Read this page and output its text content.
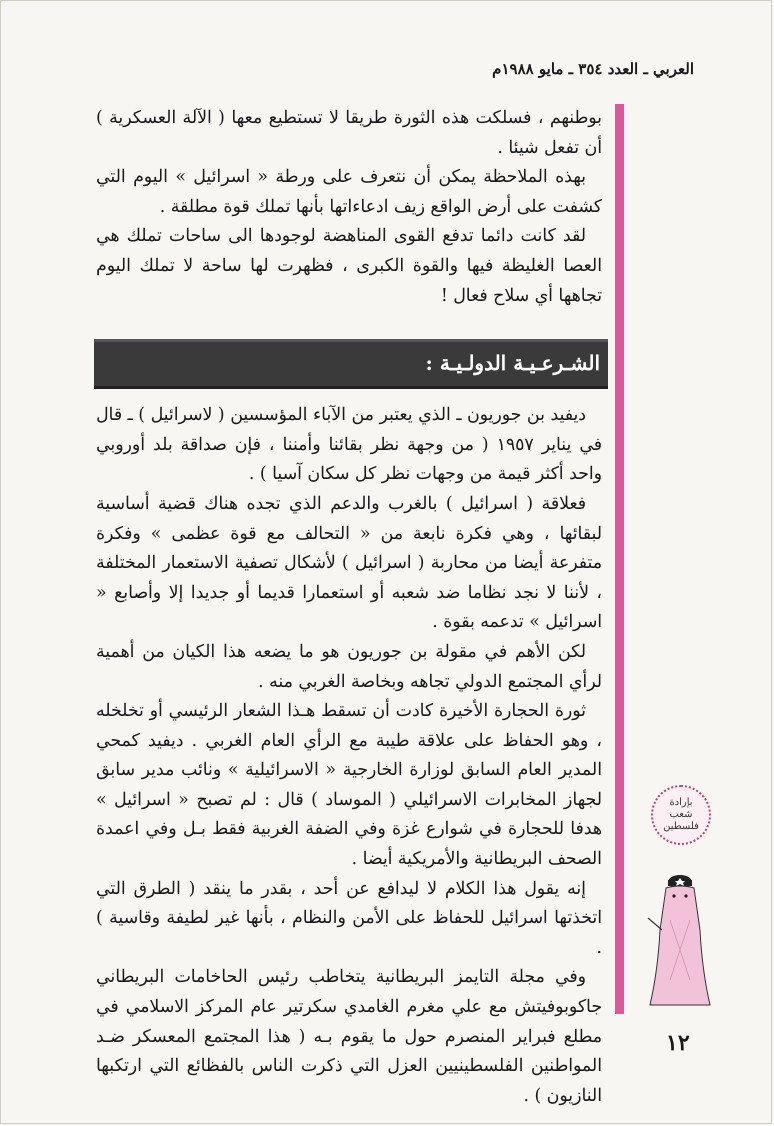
العربي ـ العدد ٣٥٤ ـ مايو ١٩٨٨م

بوطنهم ، فسلكت هذه الثورة طريقا لا تستطيع معها ( الآلة العسكرية ) أن تفعل شيئا .

بهذه الملاحظة يمكن أن نتعرف على ورطة « اسرائيل » اليوم التي كشفت على أرض الواقع زيف ادعاءاتها بأنها تملك قوة مطلقة .

لقد كانت دائما تدفع القوى المناهضة لوجودها الى ساحات تملك هي العصا الغليظة فيها والقوة الكبرى ، فظهرت لها ساحة لا تملك اليوم تجاهها أي سلاح فعال !

الشـرعـيـة الدولـيـة :

ديفيد بن جوريون ـ الذي يعتبر من الآباء المؤسسين ( لاسرائيل ) ـ قال في يناير ١٩٥٧ ( من وجهة نظر بقائنا وأمننا ، فإن صداقة بلد أوروبي واحد أكثر قيمة من وجهات نظر كل سكان آسيا ) .

فعلاقة ( اسرائيل ) بالغرب والدعم الذي تجده هناك قضية أساسية لبقائها ، وهي فكرة نابعة من « التحالف مع قوة عظمى » وفكرة متفرعة أيضا من محاربة ( اسرائيل ) لأشكال تصفية الاستعمار المختلفة ، لأننا لا نجد نظاما ضد شعبه أو استعمارا قديما أو جديدا إلا وأصابع « اسرائيل » تدعمه بقوة .

لكن الأهم في مقولة بن جوريون هو ما يضعه هذا الكيان من أهمية لرأي المجتمع الدولي تجاهه وبخاصة الغربي منه .

ثورة الحجارة الأخيرة كادت أن تسقط هـذا الشعار الرئيسي أو تخلخله ، وهو الحفاظ على علاقة طيبة مع الرأي العام الغربي . ديفيد كمحي المدير العام السابق لوزارة الخارجية « الاسرائيلية » ونائب مدير سابق لجهاز المخابرات الاسرائيلي ( الموساد ) قال : لم تصبح « اسرائيل » هدفا للحجارة في شوارع غزة وفي الضفة الغربية فقط بـل وفي اعمدة الصحف البريطانية والأمريكية أيضا .

إنه يقول هذا الكلام لا ليدافع عن أحد ، بقدر ما ينقد ( الطرق التي اتخذتها اسرائيل للحفاظ على الأمن والنظام ، بأنها غير لطيفة وقاسية ) .

وفي مجلة التايمز البريطانية يتخاطب رئيس الحاخامات البريطاني جاكوبوفيتش مع علي مغرم الغامدي سكرتير عام المركز الاسلامي في مطلع فبراير المنصرم حول ما يقوم بـه ( هذا المجتمع المعسكر ضـد المواطنين الفلسطينيين العزل التي ذكرت الناس بالفظائع التي ارتكبها النازيون ) .

بإرادة
شعب
فلسطين
١٢
